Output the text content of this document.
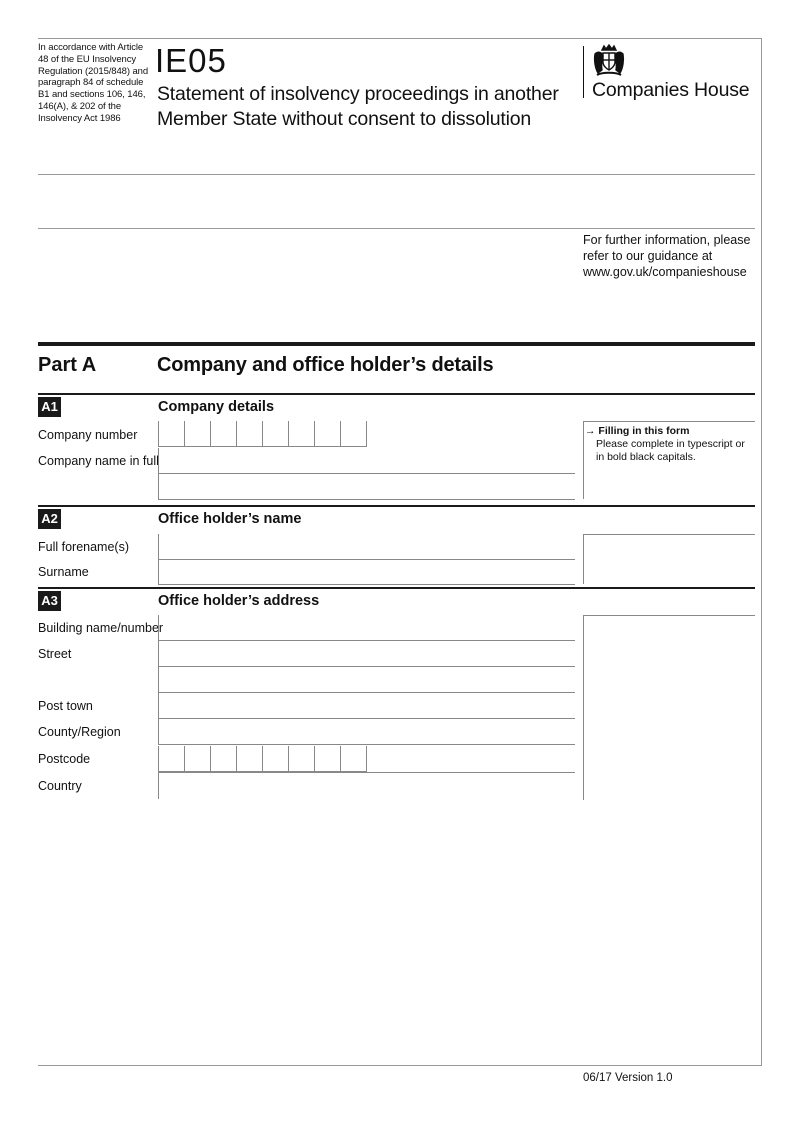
In accordance with Article 48 of the EU Insolvency Regulation (2015/848) and paragraph 84 of schedule B1 and sections 106, 146, 146(A), & 202 of the Insolvency Act 1986
IE05
Statement of insolvency proceedings in another Member State without consent to dissolution
Companies House
For further information, please refer to our guidance at www.gov.uk/companieshouse
Part A	Company and office holder’s details
A1	Company details
Company number
Company name in full
→ Filling in this form
Please complete in typescript or in bold black capitals.
A2	Office holder’s name
Full forename(s)
Surname
A3	Office holder’s address
Building name/number
Street
Post town
County/Region
Postcode
Country
06/17 Version 1.0
